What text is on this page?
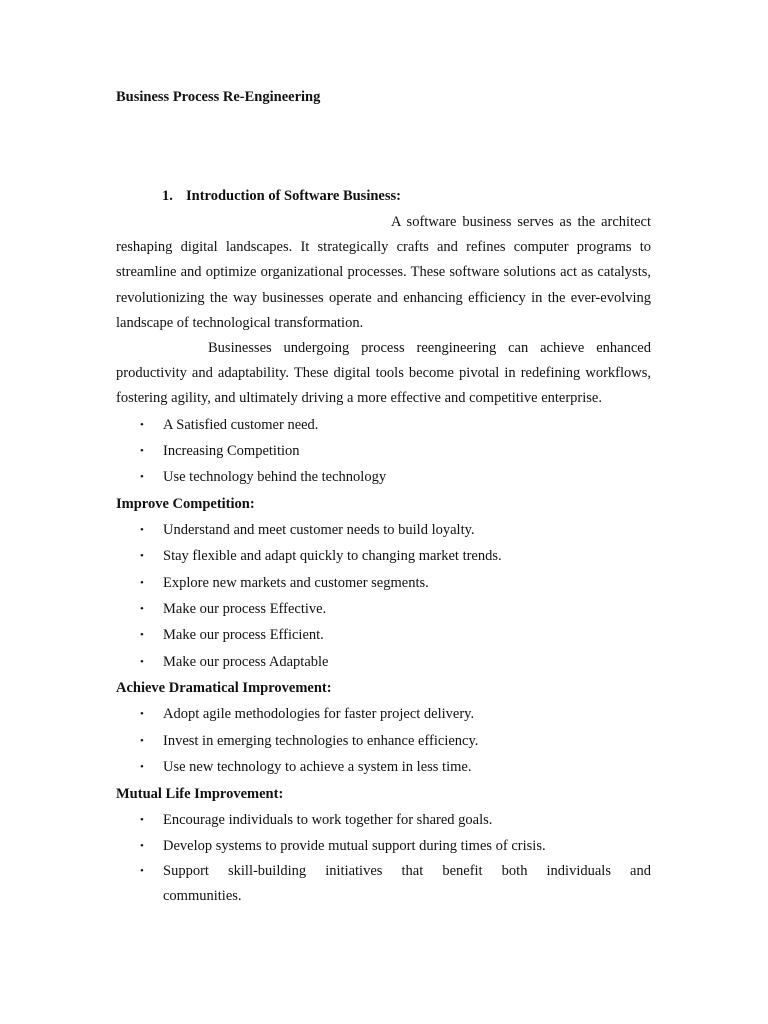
Business Process Re-Engineering
1. Introduction of Software Business:

A software business serves as the architect reshaping digital landscapes. It strategically crafts and refines computer programs to streamline and optimize organizational processes. These software solutions act as catalysts, revolutionizing the way businesses operate and enhancing efficiency in the ever-evolving landscape of technological transformation.

Businesses undergoing process reengineering can achieve enhanced productivity and adaptability. These digital tools become pivotal in redefining workflows, fostering agility, and ultimately driving a more effective and competitive enterprise.

• A Satisfied customer need.
• Increasing Competition
• Use technology behind the technology

Improve Competition:

• Understand and meet customer needs to build loyalty.
• Stay flexible and adapt quickly to changing market trends.
• Explore new markets and customer segments.
• Make our process Effective.
• Make our process Efficient.
• Make our process Adaptable

Achieve Dramatical Improvement:

• Adopt agile methodologies for faster project delivery.
• Invest in emerging technologies to enhance efficiency.
• Use new technology to achieve a system in less time.

Mutual Life Improvement:

• Encourage individuals to work together for shared goals.
• Develop systems to provide mutual support during times of crisis.
• Support skill-building initiatives that benefit both individuals and
communities.
